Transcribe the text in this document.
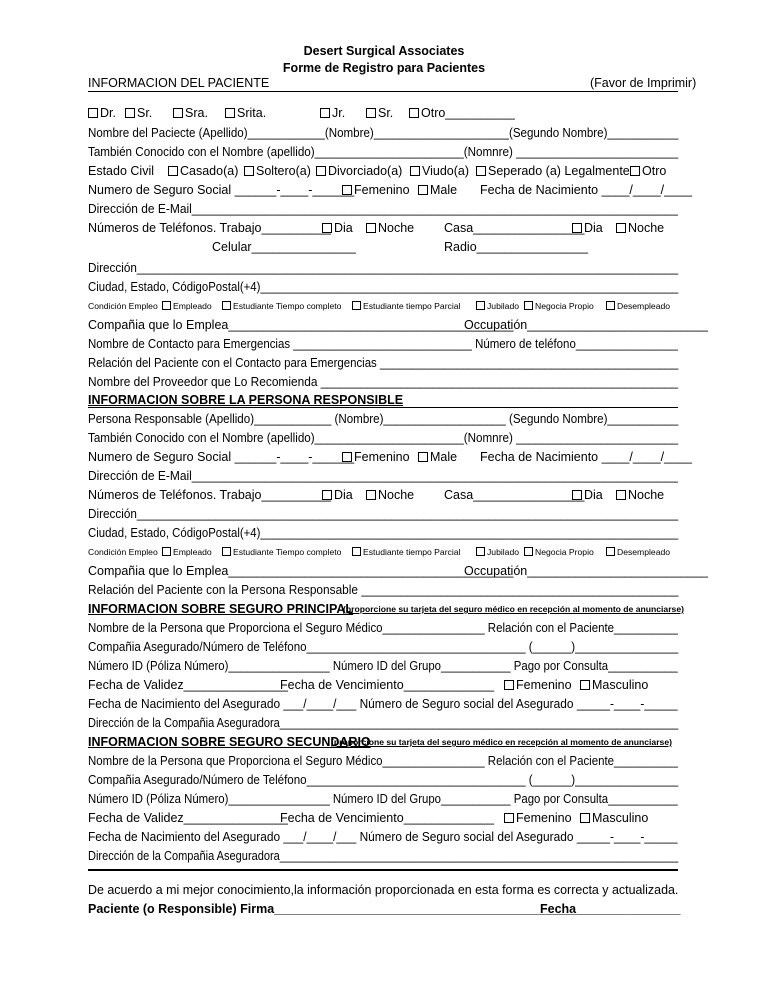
Desert Surgical Associates
Forme de Registro para Pacientes
INFORMACION DEL PACIENTE	(Favor de Imprimir)
Dr.	Sr.	Sra.	Srita.	Jr.	Sr.	Otro__________
Nombre del Paciecte (Apellido)____________(Nombre)_____________________(Segundo Nombre)___________
También Conocido con el Nombre (apellido)_______________________(Nomnre) _________________________
Estado Civil	Casado(a)	Soltero(a)	Divorciado(a)	Viudo(a)	Seperado (a) Legalmente Otro
Numero de Seguro Social ______-____-______ Femenino	Male Fecha de Nacimiento ____/____/____
Dirección de E-Mail_________________________________________________________________________
Números de Teléfonos. Trabajo__________ Dia	Noche Casa________________ Dia	Noche
Celular_______________	Radio________________
Dirección___________________________________________________________________________________
Ciudad, Estado, CódigoPostal(+4)__________________________________________________________________
Condición Empleo	Empleado	Estudiante Tiempo completo	Estudiante tiempo Parcial	Jubilado	Negocia Propio	Desempleado
Compañia que lo Emplea_________________________________________
Occupatión__________________________
Nombre de Contacto para Emergencias ____________________________ Número de teléfono________________
Relación del Paciente con el Contacto para Emergencias _______________________________________________
Nombre del Proveedor que Lo Recomienda ______________________________________________________
INFORMACION SOBRE LA PERSONA RESPONSIBLE
Persona Responsable (Apellido)____________ (Nombre)___________________ (Segundo Nombre)___________
También Conocido con el Nombre (apellido)_______________________(Nomnre) _________________________
Numero de Seguro Social ______-____-______ Femenino	Male Fecha de Nacimiento ____/____/____
Dirección de E-Mail_________________________________________________________________________
Números de Teléfonos. Trabajo__________ Dia	Noche Casa________________ Dia	Noche
Dirección___________________________________________________________________________________
Ciudad, Estado, CódigoPostal(+4)__________________________________________________________________
Condición Empleo	Empleado	Estudiante Tiempo completo	Estudiante tiempo Parcial	Jubilado	Negocia Propio	Desempleado
Compañia que lo Emplea_________________________________________
Occupatión__________________________
Relación del Paciente con la Persona Responsable ________________________________________________
INFORMACION SOBRE SEGURO PRINCIPAL
(proporcione su tarjeta del seguro médico en recepción al momento de anunciarse)
Nombre de la Persona que Proporciona el Seguro Médico________________ Relación con el Paciente__________
Compañia Asegurado/Número de Teléfono__________________________________ (______)________________
Número ID (Póliza Número)________________ Número ID del Grupo___________ Pago por Consulta___________
Fecha de Validez_______________
Fecha de Vencimiento_____________	Femenino	Masculino
Fecha de Nacimiento del Asegurado ___/____/___ Número de Seguro social del Asegurado _____-____-_____
Dirección de la Compañia Aseguradora_________________________________________________________________
INFORMACION SOBRE SEGURO SECUNDARIO
(proporcione su tarjeta del seguro médico en recepción al momento de anunciarse)
Nombre de la Persona que Proporciona el Seguro Médico________________ Relación con el Paciente__________
Compañia Asegurado/Número de Teléfono__________________________________ (______)________________
Número ID (Póliza Número)________________ Número ID del Grupo___________ Pago por Consulta___________
Fecha de Validez_______________
Fecha de Vencimiento_____________	Femenino	Masculino
Fecha de Nacimiento del Asegurado ___/____/___ Número de Seguro social del Asegurado _____-____-_____
Dirección de la Compañia Aseguradora_________________________________________________________________
De acuerdo a mi mejor conocimiento,la información proporcionada en esta forma es correcta y actualizada.
Paciente (o Responsible) Firma____________________________________________
Fecha_______________
